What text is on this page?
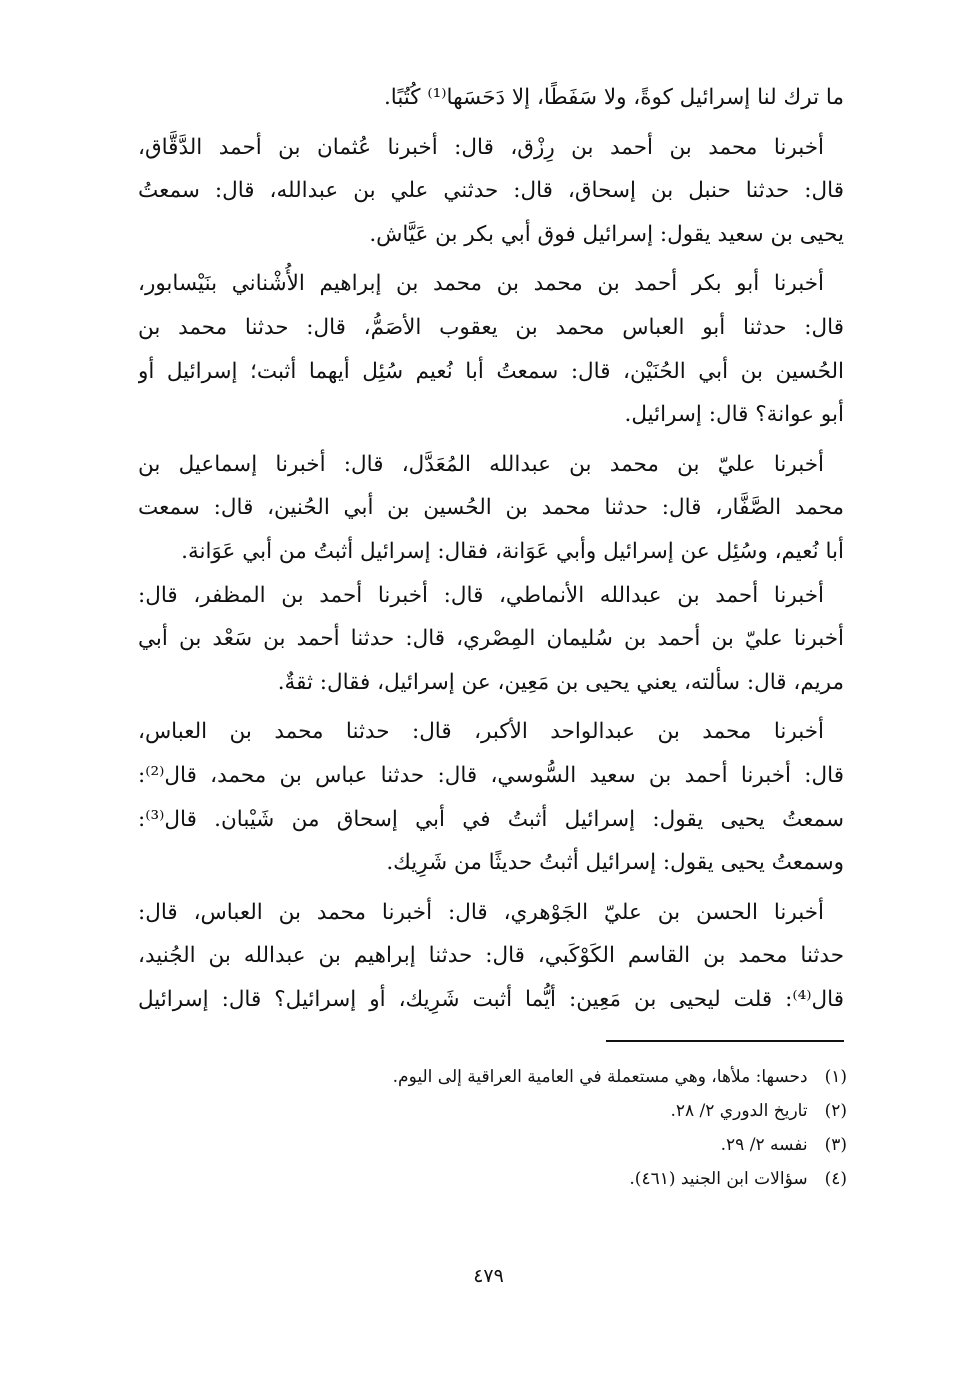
ما ترك لنا إسرائيل كوةً، ولا سَفَطًا، إلا دَحَسَها⁽¹⁾ كُتُبًا.
أخبرنا محمد بن أحمد بن رِزْق، قال: أخبرنا عُثمان بن أحمد الدَّقَّاق،
قال: حدثنا حنبل بن إسحاق، قال: حدثني علي بن عبدالله، قال: سمعتُ
يحيى بن سعيد يقول: إسرائيل فوق أبي بكر بن عَيَّاش.
أخبرنا أبو بكر أحمد بن محمد بن محمد بن إبراهيم الأُشْناني بنَيْسابور،
قال: حدثنا أبو العباس محمد بن يعقوب الأصَمُّ، قال: حدثنا محمد بن
الحُسين بن أبي الحُنَيْن، قال: سمعتُ أبا نُعيم سُئِل أيهما أثبت؛ إسرائيل أو
أبو عوانة؟ قال: إسرائيل.
أخبرنا عليّ بن محمد بن عبدالله المُعَدَّل، قال: أخبرنا إسماعيل بن
محمد الصَّفَّار، قال: حدثنا محمد بن الحُسين بن أبي الحُنين، قال: سمعت
أبا نُعيم، وسُئِل عن إسرائيل وأبي عَوَانة، فقال: إسرائيل أثبتُ من أبي عَوَانة.
أخبرنا أحمد بن عبدالله الأنماطي، قال: أخبرنا أحمد بن المظفر، قال:
أخبرنا عليّ بن أحمد بن سُليمان المِصْري، قال: حدثنا أحمد بن سَعْد بن أبي
مريم، قال: سألته، يعني يحيى بن مَعِين، عن إسرائيل، فقال: ثقةٌ.
أخبرنا محمد بن عبدالواحد الأكبر، قال: حدثنا محمد بن العباس،
قال: أخبرنا أحمد بن سعيد السُّوسي، قال: حدثنا عباس بن محمد، قال⁽²⁾:
سمعتُ يحيى يقول: إسرائيل أثبتُ في أبي إسحاق من شَيْبان. قال⁽³⁾:
وسمعتُ يحيى يقول: إسرائيل أثبتُ حديثًا من شَرِيك.
أخبرنا الحسن بن عليّ الجَوْهري، قال: أخبرنا محمد بن العباس، قال:
حدثنا محمد بن القاسم الكَوْكَبي، قال: حدثنا إبراهيم بن عبدالله بن الجُنيد،
قال⁽⁴⁾: قلت ليحيى بن مَعِين: أيُّما أثبت شَرِيك، أو إسرائيل؟ قال: إسرائيل
(١) دحسها: ملأها، وهي مستعملة في العامية العراقية إلى اليوم.
(٢) تاريخ الدوري ٢/ ٢٨.
(٣) نفسه ٢/ ٢٩.
(٤) سؤالات ابن الجنيد (٤٦١).
٤٧٩
